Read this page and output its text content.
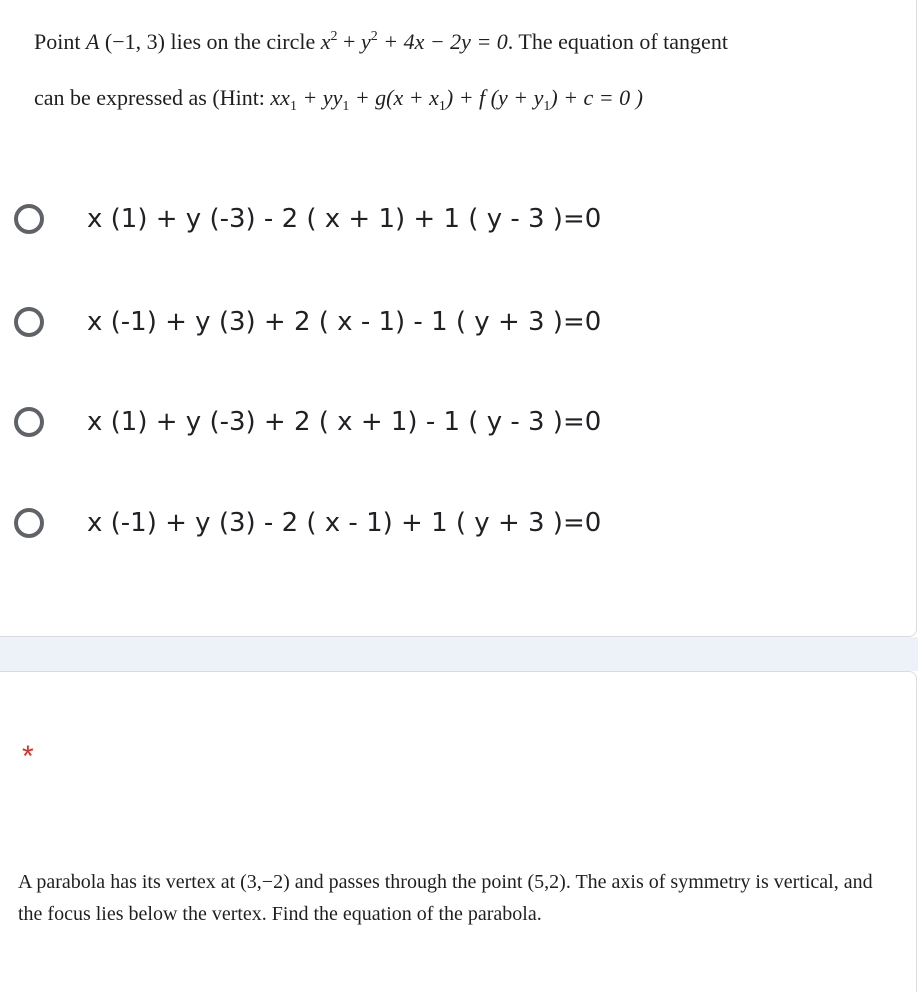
Point A (−1, 3) lies on the circle $x^2 + y^2 + 4x - 2y = 0$. The equation of tangent
can be expressed as (Hint: $xx_1 + yy_1 + g(x + x_1) + f$ $(y + y_1) + c = 0$ )
x (1) + y (-3) - 2 ( x + 1) + 1 ( y - 3 )=0
x (-1) + y (3) + 2 ( x - 1) - 1 ( y + 3 )=0
x (1) + y (-3) + 2 ( x + 1) - 1 ( y - 3 )=0
x (-1) + y (3) - 2 ( x - 1) + 1 ( y + 3 )=0
*
A parabola has its vertex at (3,−2) and passes through the point (5,2). The axis of symmetry is vertical, and the focus lies below the vertex. Find the equation of the parabola.
